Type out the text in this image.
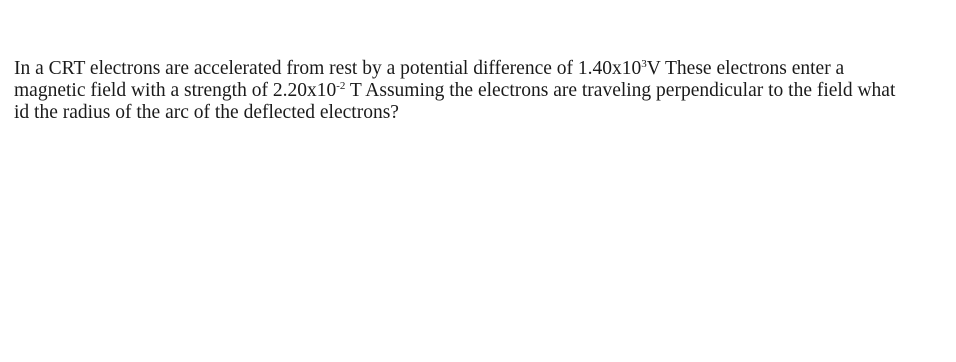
In a CRT electrons are accelerated from rest by a potential difference of $1.40x10^3V$ These electrons enter a
magnetic field with a strength of $2.20x10^{-2}$ T Assuming the electrons are traveling perpendicular to the field what
id the radius of the arc of the deflected electrons?
